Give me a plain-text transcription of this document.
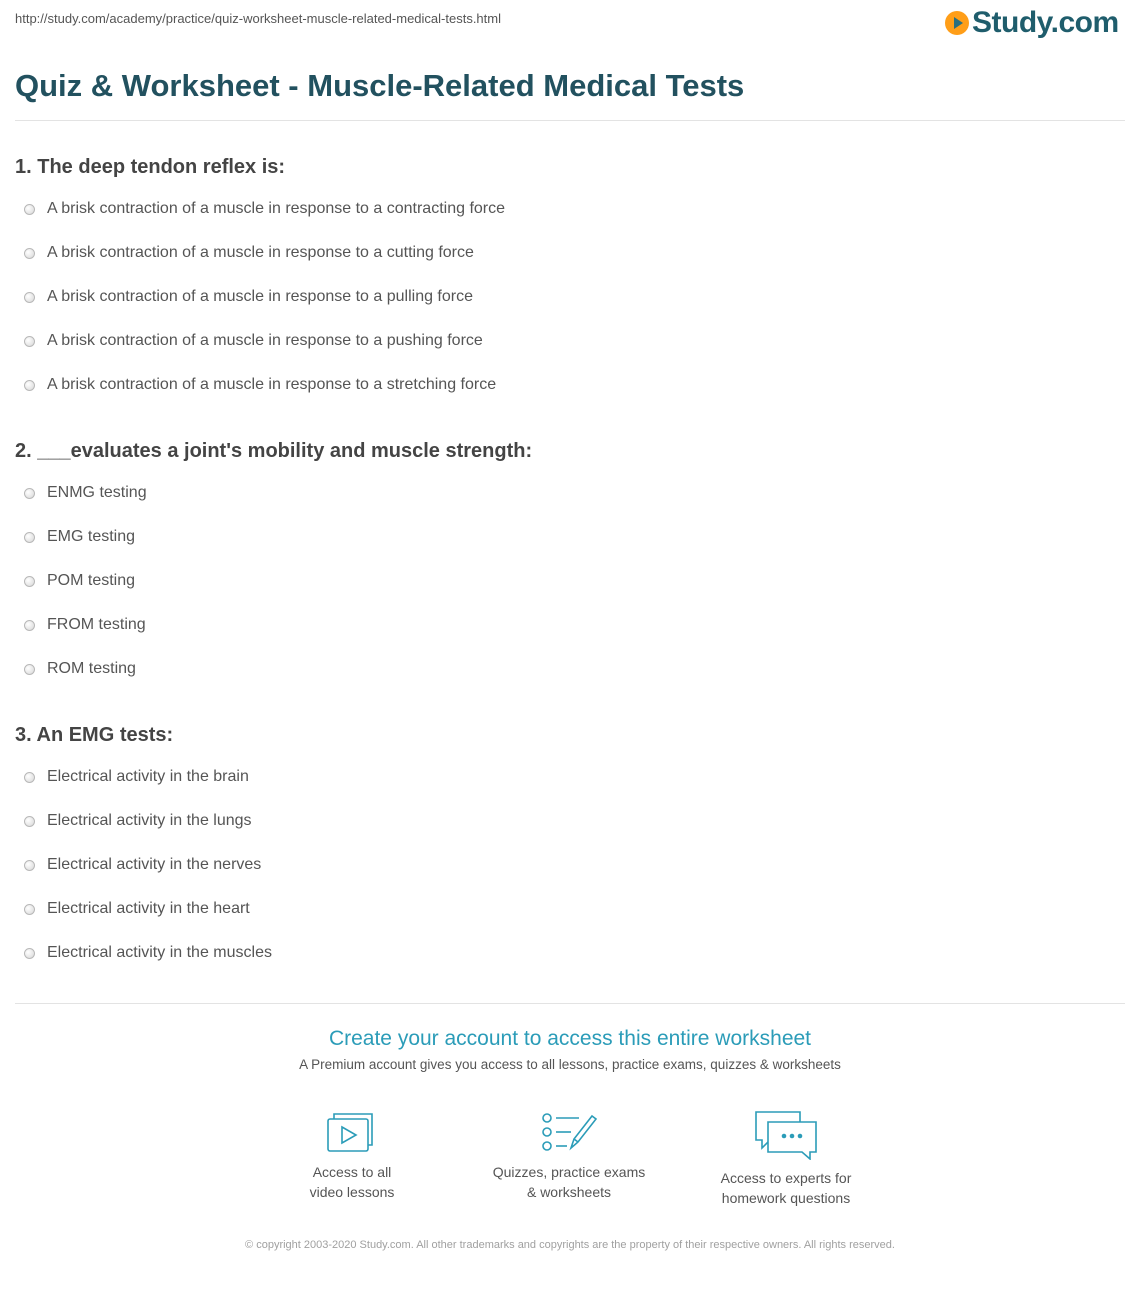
http://study.com/academy/practice/quiz-worksheet-muscle-related-medical-tests.html	Study.com
Quiz & Worksheet - Muscle-Related Medical Tests
1. The deep tendon reflex is:
A brisk contraction of a muscle in response to a contracting force
A brisk contraction of a muscle in response to a cutting force
A brisk contraction of a muscle in response to a pulling force
A brisk contraction of a muscle in response to a pushing force
A brisk contraction of a muscle in response to a stretching force
2. ___evaluates a joint's mobility and muscle strength:
ENMG testing
EMG testing
POM testing
FROM testing
ROM testing
3. An EMG tests:
Electrical activity in the brain
Electrical activity in the lungs
Electrical activity in the nerves
Electrical activity in the heart
Electrical activity in the muscles
Create your account to access this entire worksheet
A Premium account gives you access to all lessons, practice exams, quizzes & worksheets
Access to all
video lessons
Quizzes, practice exams
& worksheets
Access to experts for
homework questions
© copyright 2003-2020 Study.com. All other trademarks and copyrights are the property of their respective owners. All rights reserved.
